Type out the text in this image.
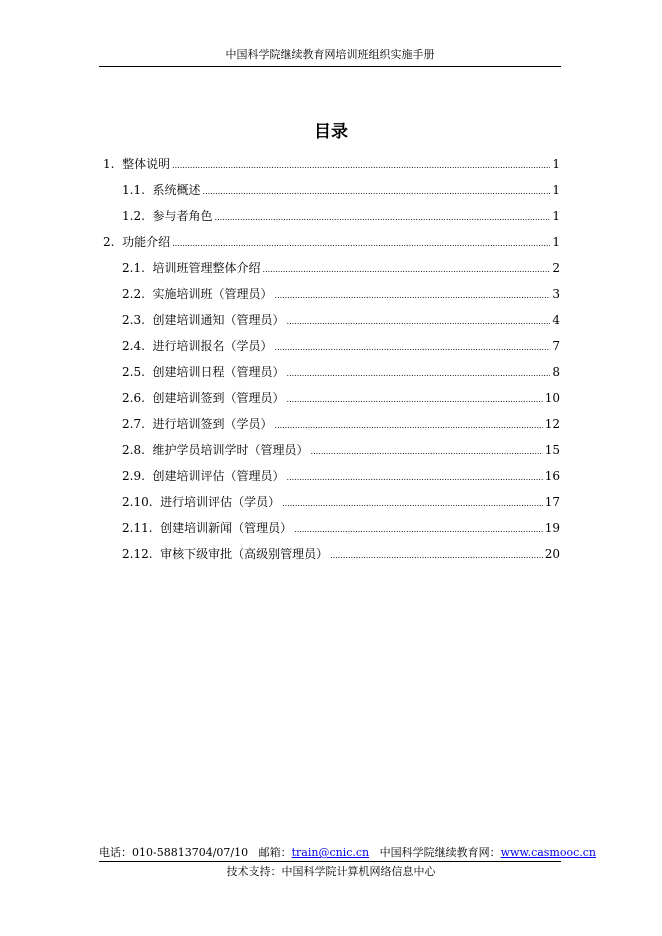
中国科学院继续教育网培训班组织实施手册
目录
1.  整体说明 .....	1
1.1.  系统概述 .....	1
1.2.  参与者角色 .....	1
2.  功能介绍 .....	1
2.1.  培训班管理整体介绍 .....	2
2.2.  实施培训班（管理员） .....	3
2.3.  创建培训通知（管理员） .....	4
2.4.  进行培训报名（学员） .....	7
2.5.  创建培训日程（管理员） .....	8
2.6.  创建培训签到（管理员） .....	10
2.7.  进行培训签到（学员） .....	12
2.8.  维护学员培训学时（管理员） .....	15
2.9.  创建培训评估（管理员） .....	16
2.10.  进行培训评估（学员） .....	17
2.11.  创建培训新闻（管理员） .....	19
2.12.  审核下级审批（高级别管理员） .....	20
电话：010-58813704/07/10 邮箱：train@cnic.cn 中国科学院继续教育网：www.casmooc.cn
技术支持：中国科学院计算机网络信息中心
